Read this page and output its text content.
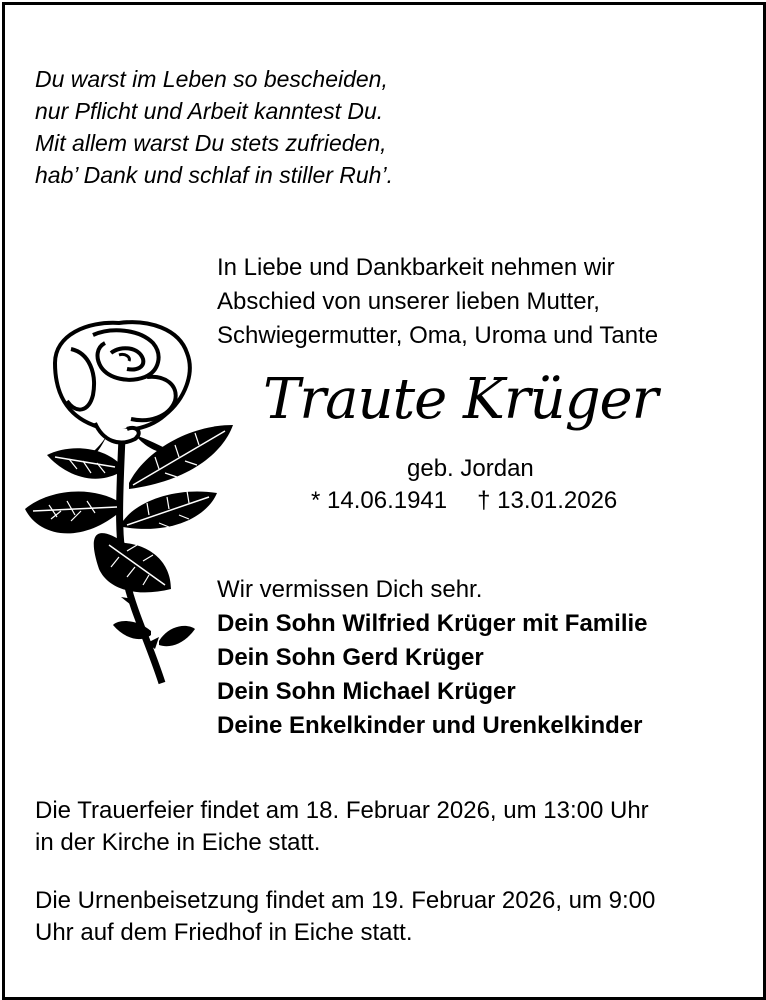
Du warst im Leben so bescheiden,
nur Pflicht und Arbeit kanntest Du.
Mit allem warst Du stets zufrieden,
hab’ Dank und schlaf in stiller Ruh’.
In Liebe und Dankbarkeit nehmen wir
Abschied von unserer lieben Mutter,
Schwiegermutter, Oma, Uroma und Tante
Traute Krüger
geb. Jordan
* 14.06.1941 † 13.01.2026
Wir vermissen Dich sehr.
Dein Sohn Wilfried Krüger mit Familie
Dein Sohn Gerd Krüger
Dein Sohn Michael Krüger
Deine Enkelkinder und Urenkelkinder
Die Trauerfeier findet am 18. Februar 2026, um 13:00 Uhr
in der Kirche in Eiche statt.
Die Urnenbeisetzung findet am 19. Februar 2026, um 9:00
Uhr auf dem Friedhof in Eiche statt.
